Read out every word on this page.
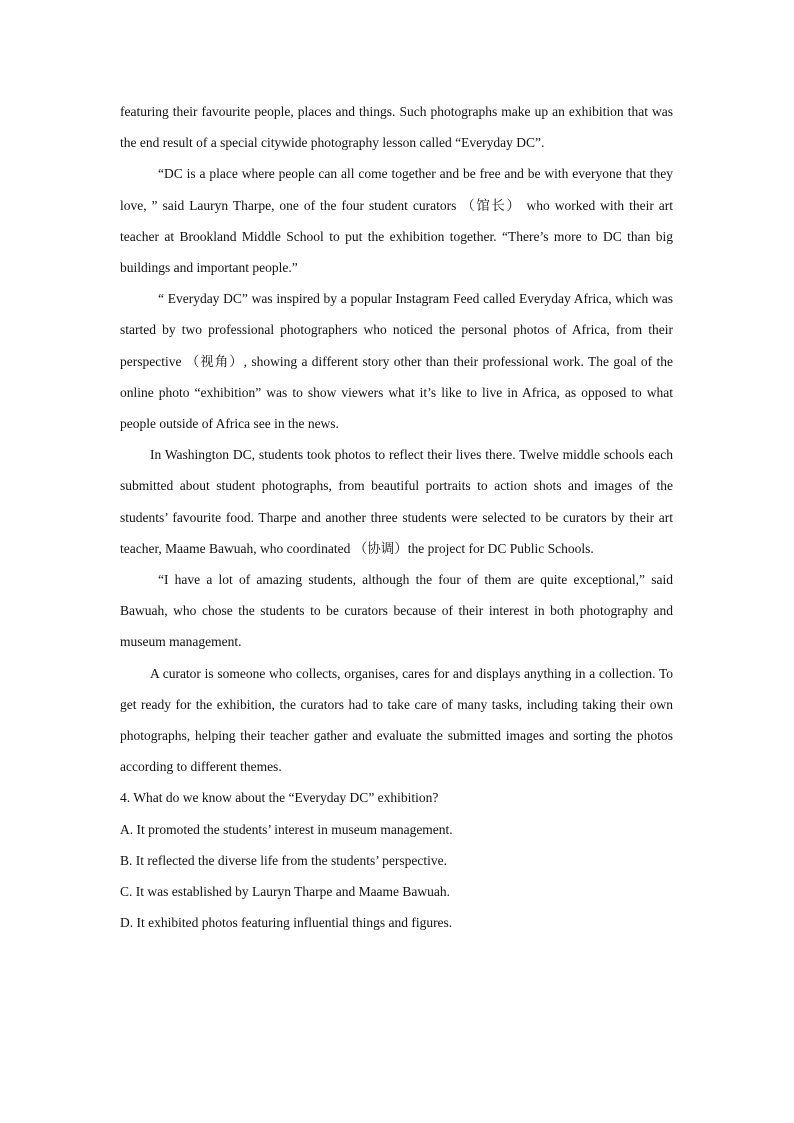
featuring their favourite people, places and things. Such photographs make up an exhibition that was the end result of a special citywide photography lesson called “Everyday DC”.

“DC is a place where people can all come together and be free and be with everyone that they love, ” said Lauryn Tharpe, one of the four student curators （馆长） who worked with their art teacher at Brookland Middle School to put the exhibition together. “There’s more to DC than big buildings and important people.”

“ Everyday DC” was inspired by a popular Instagram Feed called Everyday Africa, which was started by two professional photographers who noticed the personal photos of Africa, from their perspective （视角）, showing a different story other than their professional work. The goal of the online photo “exhibition” was to show viewers what it’s like to live in Africa, as opposed to what people outside of Africa see in the news.

In Washington DC, students took photos to reflect their lives there. Twelve middle schools each submitted about student photographs, from beautiful portraits to action shots and images of the students’ favourite food. Tharpe and another three students were selected to be curators by their art teacher, Maame Bawuah, who coordinated （协调）the project for DC Public Schools.

“I have a lot of amazing students, although the four of them are quite exceptional,” said Bawuah, who chose the students to be curators because of their interest in both photography and museum management.

A curator is someone who collects, organises, cares for and displays anything in a collection. To get ready for the exhibition, the curators had to take care of many tasks, including taking their own photographs, helping their teacher gather and evaluate the submitted images and sorting the photos according to different themes.

4. What do we know about the “Everyday DC” exhibition?

A. It promoted the students’ interest in museum management.

B. It reflected the diverse life from the students’ perspective.

C. It was established by Lauryn Tharpe and Maame Bawuah.

D. It exhibited photos featuring influential things and figures.
